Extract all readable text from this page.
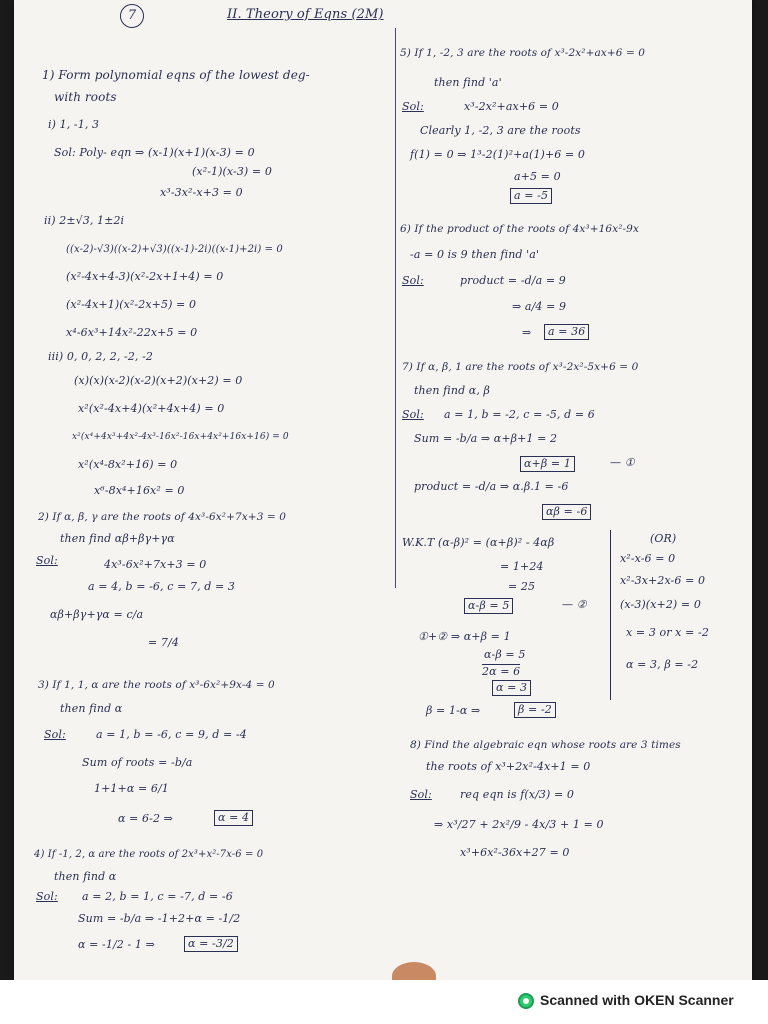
7	II. Theory of Eqns (2M)
1) Form polynomial eqns of the lowest deg-
with roots
i) 1, -1, 3
Sol: Poly- eqn ⇒ (x-1)(x+1)(x-3) = 0
(x²-1)(x-3) = 0
x³-3x²-x+3 = 0
ii) 2±√3, 1±2i
((x-2)-√3)((x-2)+√3)((x-1)-2i)((x-1)+2i) = 0
(x²-4x+4-3)(x²-2x+1+4) = 0
(x²-4x+1)(x²-2x+5) = 0
x⁴-6x³+14x²-22x+5 = 0
iii) 0, 0, 2, 2, -2, -2
(x)(x)(x-2)(x-2)(x+2)(x+2) = 0
x²(x²-4x+4)(x²+4x+4) = 0
x²(x⁴+4x³+4x²-4x³-16x²-16x+4x²+16x+16) = 0
x²(x⁴-8x²+16) = 0
x⁶-8x⁴+16x² = 0
2) If α, β, γ are the roots of 4x³-6x²+7x+3 = 0
then find αβ+βγ+γα
Sol:	4x³-6x²+7x+3 = 0
a = 4, b = -6, c = 7, d = 3
αβ+βγ+γα = c/a
= 7/4
3) If 1, 1, α are the roots of x³-6x²+9x-4 = 0
then find α
Sol:	a = 1, b = -6, c = 9, d = -4
Sum of roots = -b/a
1+1+α = 6/1
α = 6-2 ⇒	α = 4
4) If -1, 2, α are the roots of 2x³+x²-7x-6 = 0
then find α
Sol: a = 2, b = 1, c = -7, d = -6
Sum = -b/a ⇒ -1+2+α = -1/2
α = -1/2 - 1 ⇒	α = -3/2
5) If 1, -2, 3 are the roots of x³-2x²+ax+6 = 0
then find 'a'
Sol:	x³-2x²+ax+6 = 0
Clearly 1, -2, 3 are the roots
f(1) = 0 ⇒ 1³-2(1)²+a(1)+6 = 0
a+5 = 0
a = -5
6) If the product of the roots of 4x³+16x²-9x
-a = 0 is 9 then find 'a'
Sol:	product = -d/a = 9
⇒ a/4 = 9
⇒	a = 36
7) If α, β, 1 are the roots of x³-2x²-5x+6 = 0
then find α, β
Sol: a = 1, b = -2, c = -5, d = 6
Sum = -b/a ⇒ α+β+1 = 2
α+β = 1	— ①
product = -d/a ⇒ α.β.1 = -6
αβ = -6
W.K.T (α-β)² = (α+β)² - 4αβ
= 1+24
= 25
α-β = 5	— ②
①+② ⇒ α+β = 1
α-β = 5
2α = 6
α = 3
β = 1-α ⇒	β = -2
(OR)
x²-x-6 = 0
x²-3x+2x-6 = 0
(x-3)(x+2) = 0
x = 3 or x = -2
α = 3, β = -2
8) Find the algebraic eqn whose roots are 3 times
the roots of x³+2x²-4x+1 = 0
Sol:	req eqn is f(x/3) = 0
⇒ x³/27 + 2x²/9 - 4x/3 + 1 = 0
x³+6x²-36x+27 = 0
Scanned with OKEN Scanner
